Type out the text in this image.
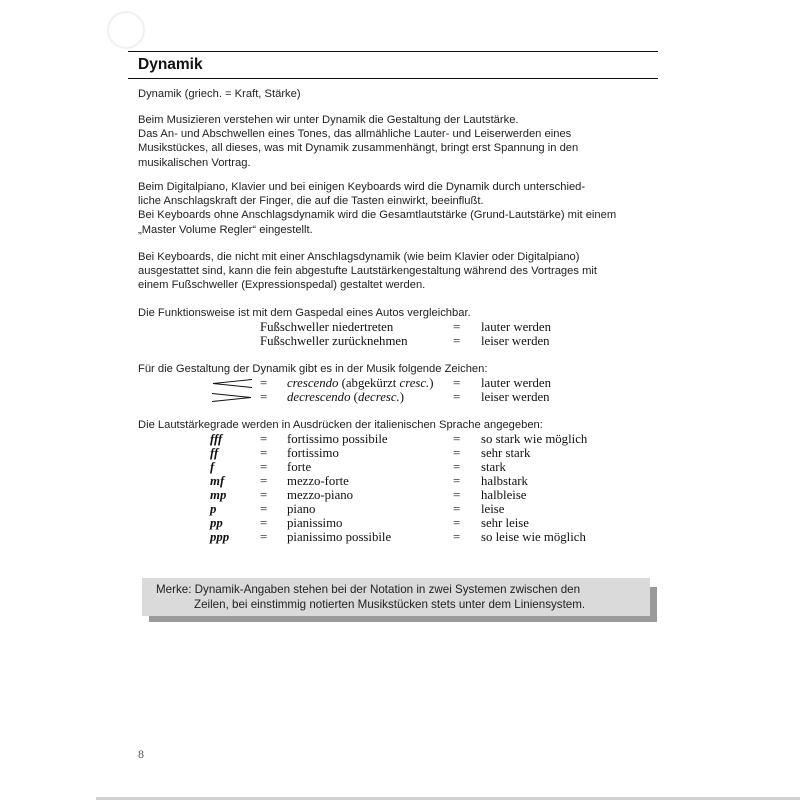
Dynamik
Dynamik (griech. = Kraft, Stärke)

Beim Musizieren verstehen wir unter Dynamik die Gestaltung der Lautstärke.

Das An- und Abschwellen eines Tones, das allmähliche Lauter- und Leiserwerden eines

Musikstückes, all dieses, was mit Dynamik zusammenhängt, bringt erst Spannung in den

musikalischen Vortrag.

Beim Digitalpiano, Klavier und bei einigen Keyboards wird die Dynamik durch unterschied-

liche Anschlagskraft der Finger, die auf die Tasten einwirkt, beeinflußt.

Bei Keyboards ohne Anschlagsdynamik wird die Gesamtlautstärke (Grund-Lautstärke) mit einem

„Master Volume Regler“ eingestellt.

Bei Keyboards, die nicht mit einer Anschlagsdynamik (wie beim Klavier oder Digitalpiano)

ausgestattet sind, kann die fein abgestufte Lautstärkengestaltung während des Vortrages mit

einem Fußschweller (Expressionspedal) gestaltet werden.

Die Funktionsweise ist mit dem Gaspedal eines Autos vergleichbar.
Fußschweller niedertreten	= lauter werden
Fußschweller zurücknehmen	= leiser werden
Für die Gestaltung der Dynamik gibt es in der Musik folgende Zeichen:
= crescendo (abgekürzt cresc.) = lauter werden
= decrescendo (decresc.)	= leiser werden
Die Lautstärkegrade werden in Ausdrücken der italienischen Sprache angegeben:
fff	= fortissimo possibile	= so stark wie möglich
ff	= fortissimo	= sehr stark
f	= forte	= stark
mf	= mezzo-forte	= halbstark
mp	= mezzo-piano	= halbleise
p	= piano	= leise
pp	= pianissimo	= sehr leise
ppp = pianissimo possibile	= so leise wie möglich
Merke: Dynamik-Angaben stehen bei der Notation in zwei Systemen zwischen den
Zeilen, bei einstimmig notierten Musikstücken stets unter dem Liniensystem.
8
